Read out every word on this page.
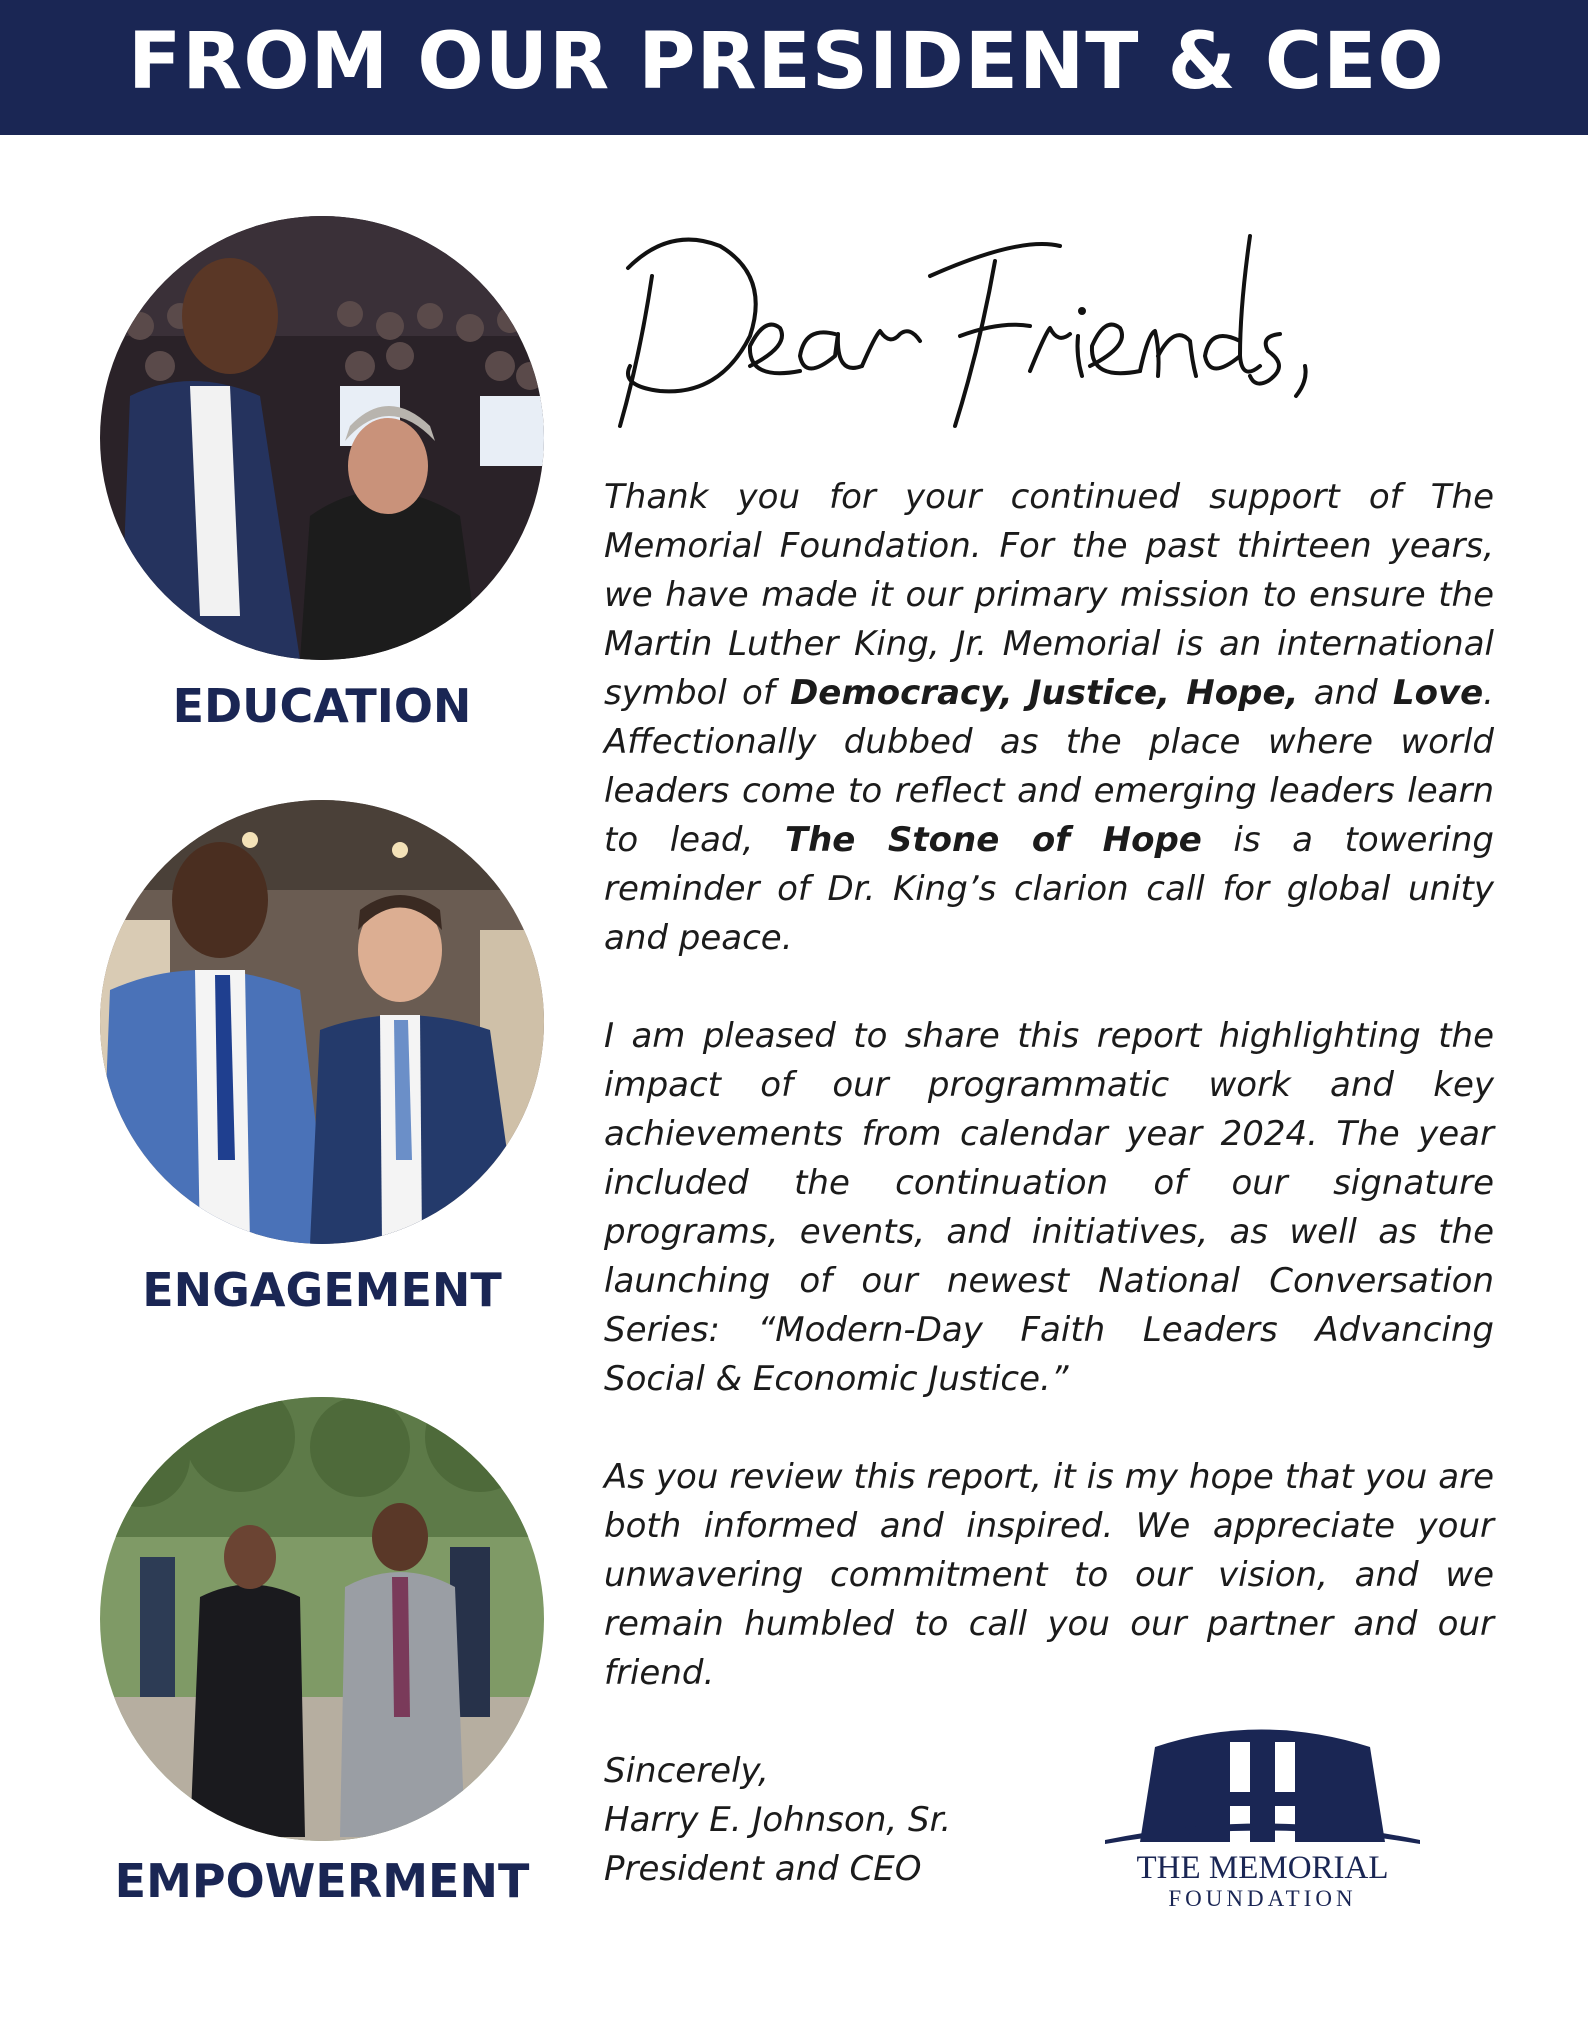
FROM OUR PRESIDENT & CEO
EDUCATION
ENGAGEMENT
EMPOWERMENT

Thank you for your continued support of The Memorial Foundation. For the past thirteen years, we have made it our primary mission to ensure the Martin Luther King, Jr. Memorial is an international symbol of Democracy, Justice, Hope, and Love. Affectionally dubbed as the place where world leaders come to reflect and emerging leaders learn to lead, The Stone of Hope is a towering reminder of Dr. King’s clarion call for global unity and peace.

I am pleased to share this report highlighting the impact of our programmatic work and key achievements from calendar year 2024. The year included the continuation of our signature programs, events, and initiatives, as well as the launching of our newest National Conversation Series: “Modern-Day Faith Leaders Advancing Social & Economic Justice.”

As you review this report, it is my hope that you are both informed and inspired. We appreciate your unwavering commitment to our vision, and we remain humbled to call you our partner and our friend.

Sincerely,
Harry E. Johnson, Sr.
President and CEO	THE MEMORIAL
FOUNDATION
